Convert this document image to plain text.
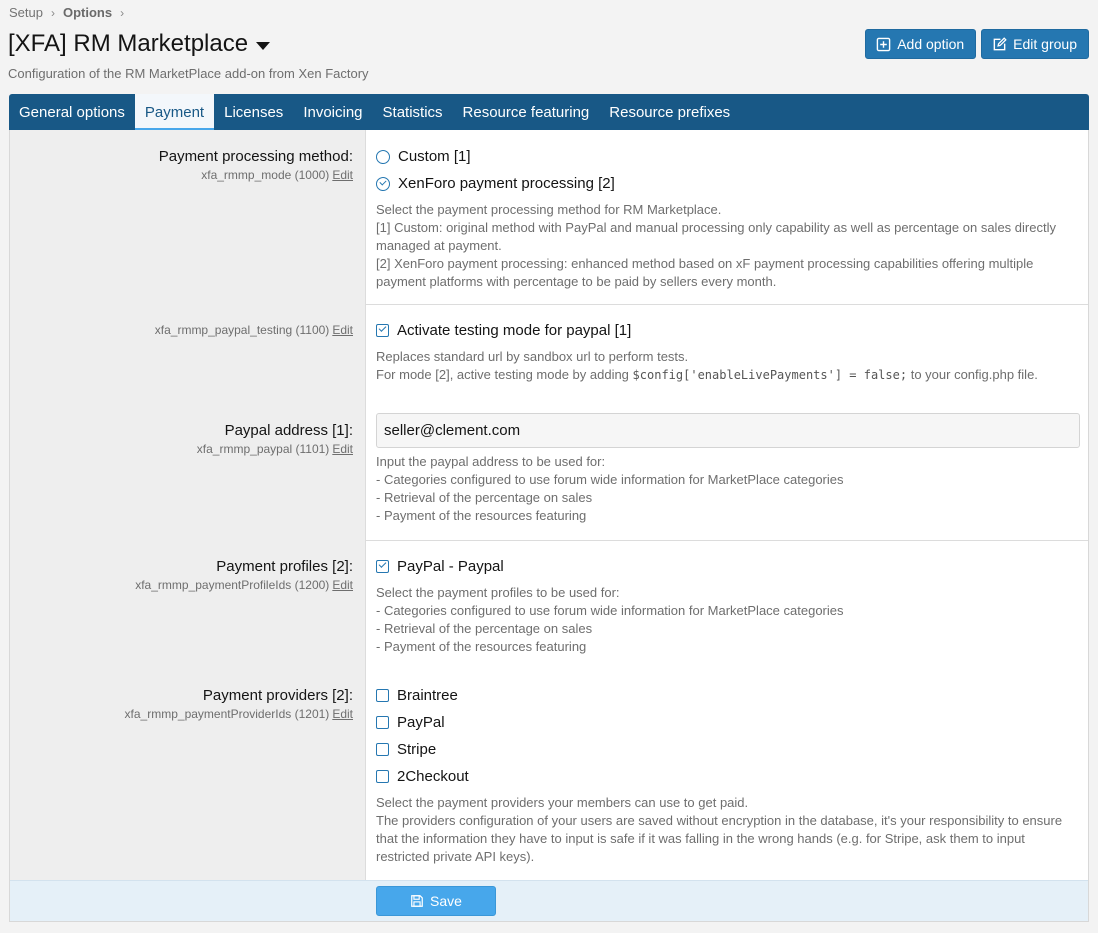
Setup › Options ›
[XFA] RM Marketplace
Configuration of the RM MarketPlace add-on from Xen Factory
Add option	Edit group
General options	Payment	Licenses	Invoicing	Statistics	Resource featuring	Resource prefixes
Payment processing method:
xfa_rmmp_mode (1000) Edit
Custom [1]
XenForo payment processing [2]
Select the payment processing method for RM Marketplace.
[1] Custom: original method with PayPal and manual processing only capability as well as percentage on sales directly managed at payment.
[2] XenForo payment processing: enhanced method based on xF payment processing capabilities offering multiple payment platforms with percentage to be paid by sellers every month.
xfa_rmmp_paypal_testing (1100) Edit	Activate testing mode for paypal [1]
Replaces standard url by sandbox url to perform tests.
For mode [2], active testing mode by adding $config['enableLivePayments'] = false; to your config.php file.
Paypal address [1]:
xfa_rmmp_paypal (1101) Edit
seller@clement.com
Input the paypal address to be used for:
- Categories configured to use forum wide information for MarketPlace categories
- Retrieval of the percentage on sales
- Payment of the resources featuring
Payment profiles [2]:
xfa_rmmp_paymentProfileIds (1200) Edit
PayPal - Paypal
Select the payment profiles to be used for:
- Categories configured to use forum wide information for MarketPlace categories
- Retrieval of the percentage on sales
- Payment of the resources featuring
Payment providers [2]:
xfa_rmmp_paymentProviderIds (1201) Edit
Braintree
PayPal
Stripe
2Checkout
Select the payment providers your members can use to get paid.
The providers configuration of your users are saved without encryption in the database, it's your responsibility to ensure that the information they have to input is safe if it was falling in the wrong hands (e.g. for Stripe, ask them to input restricted private API keys).
Save
